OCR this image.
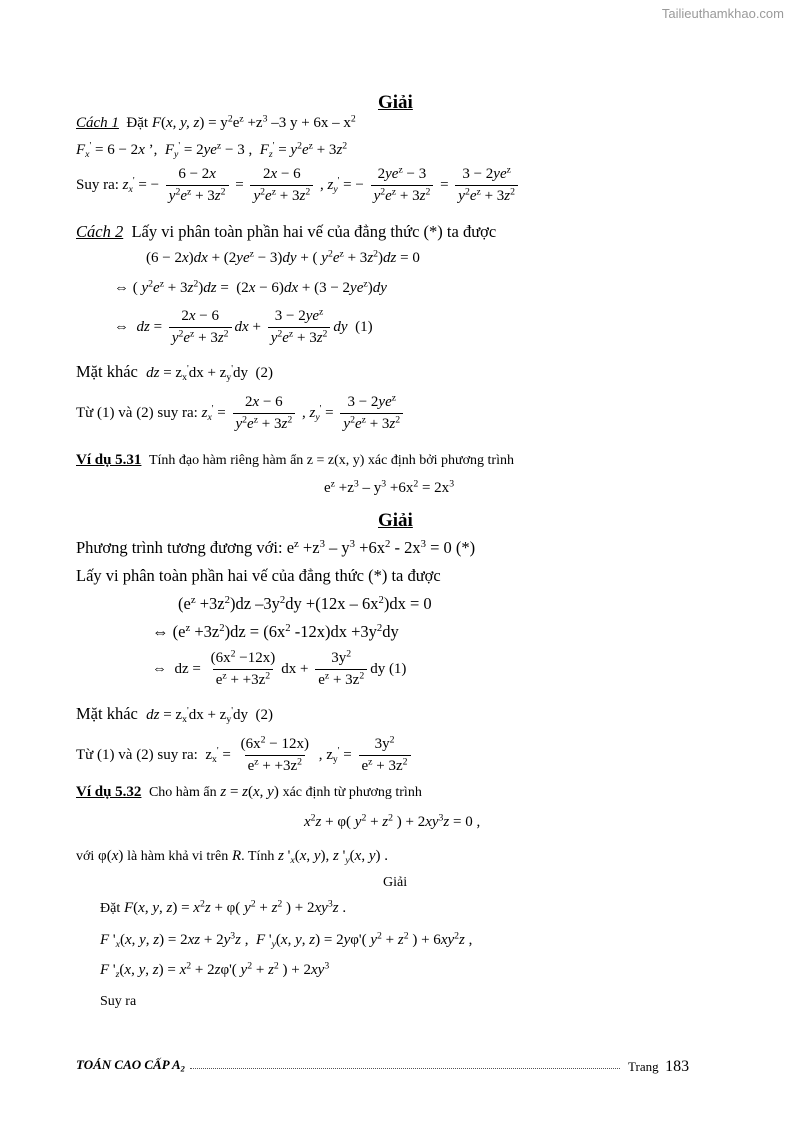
Tailieuthamkhao.com
Giải
Cách 1 Đặt F(x, y, $z) = y^2e^z +z^3$ –3 $y + 6x - x^2$
$F_x' = 6 - 2x$ ’,  $F_y' = 2ye^z - 3$ ,  $F_z' = y^2e^z + 3z^2$
Suy ra: $z_x'$ = − $\frac{6 - 2x}{y^2e^z + 3z^2} = \frac{2x - 6}{y^2e^z + 3z^2}$ , $z_y'$ = − $\frac{2ye^z - 3}{y^2e^z + 3z^2} = \frac{3 - 2ye^z}{y^2e^z + 3z^2}$
Cách 2 Lấy vi phân toàn phần hai vế của đẳng thức (*) ta được
$(6 - 2x)dx + (2ye^z - 3)dy$ + ( $y^2e^z + 3z^2)dz = 0$
⇔ ( $y^2e^z + 3z^2)dz = (2x - 6)dx + (3 - 2ye^z)dy$
⇔  dz = $\frac{2x - 6}{y^2e^z + 3z^2}$ dx + $\frac{3 - 2ye^z}{y^2e^z + 3z^2}$ dy  (1)
Mặt khác dz = $z_x'dx + z_y'dy$  (2)
Từ (1) và (2) suy ra: $z_x' = \frac{2x - 6}{y^2e^z + 3z^2}$ , $z_y' = \frac{3 - 2ye^z}{y^2e^z + 3z^2}$
Ví dụ 5.31 Tính đạo hàm riêng hàm ẩn z = z(x, y) xác định bởi phương trình
$e^z +z^3 - y^3 +6x^2 = 2x^3$
Giải
Phương trình tương đương với: $e^z +z^3 - y^3 +6x^2 - 2x^3 = 0$ (*)
Lấy vi phân toàn phần hai vế của đẳng thức (*) ta được
$(e^z +3z^2)dz$ $-3y^2dy +(12x - 6x^2)dx = 0$
⇔ $(e^z +3z^2)dz = (6x^2$ $-12x)dx +3y^2dy$
⇔  dz = $\frac{(6x^2 -12x)}{e^z + +3z^2}$ dx + $\frac{3y^2}{e^z + 3z^2}$ dy (1)
Mặt khác dz = $z_x'dx + z_y'dy$  (2)
Từ (1) và (2) suy ra:  $z_x' = \frac{(6x^2 - 12x)}{e^z + +3z^2}$ , $z_y' = \frac{3y^2}{e^z + 3z^2}$
Ví dụ 5.32 Cho hàm ẩn z = z(x, y) xác định từ phương trình
$x^2z + \varphi$( $y^2 + z^2$ ) + $2xy^3z = 0$ ,
với φ(x) là hàm khả vi trên R. Tính z '$_x(x$, y), z '$_y(x$, y) .
Giải
Đặt F(x, y, $z) = x^2z + \varphi$( $y^2 + z^2$ ) + $2xy^3z$ .
F '$_x(x$, y, $z) = 2xz + 2y^3z$ ,  F '$_y(x$, y, z) = 2yφ'( $y^2 + z^2$ ) + $6xy^2z$ ,
F '$_z(x$, y, $z) = x^2 + 2z\varphi'$( $y^2 + z^2$ ) + $2xy^3$
Suy ra
TOÁN CAO CẤP $A_2$	Trang 183
